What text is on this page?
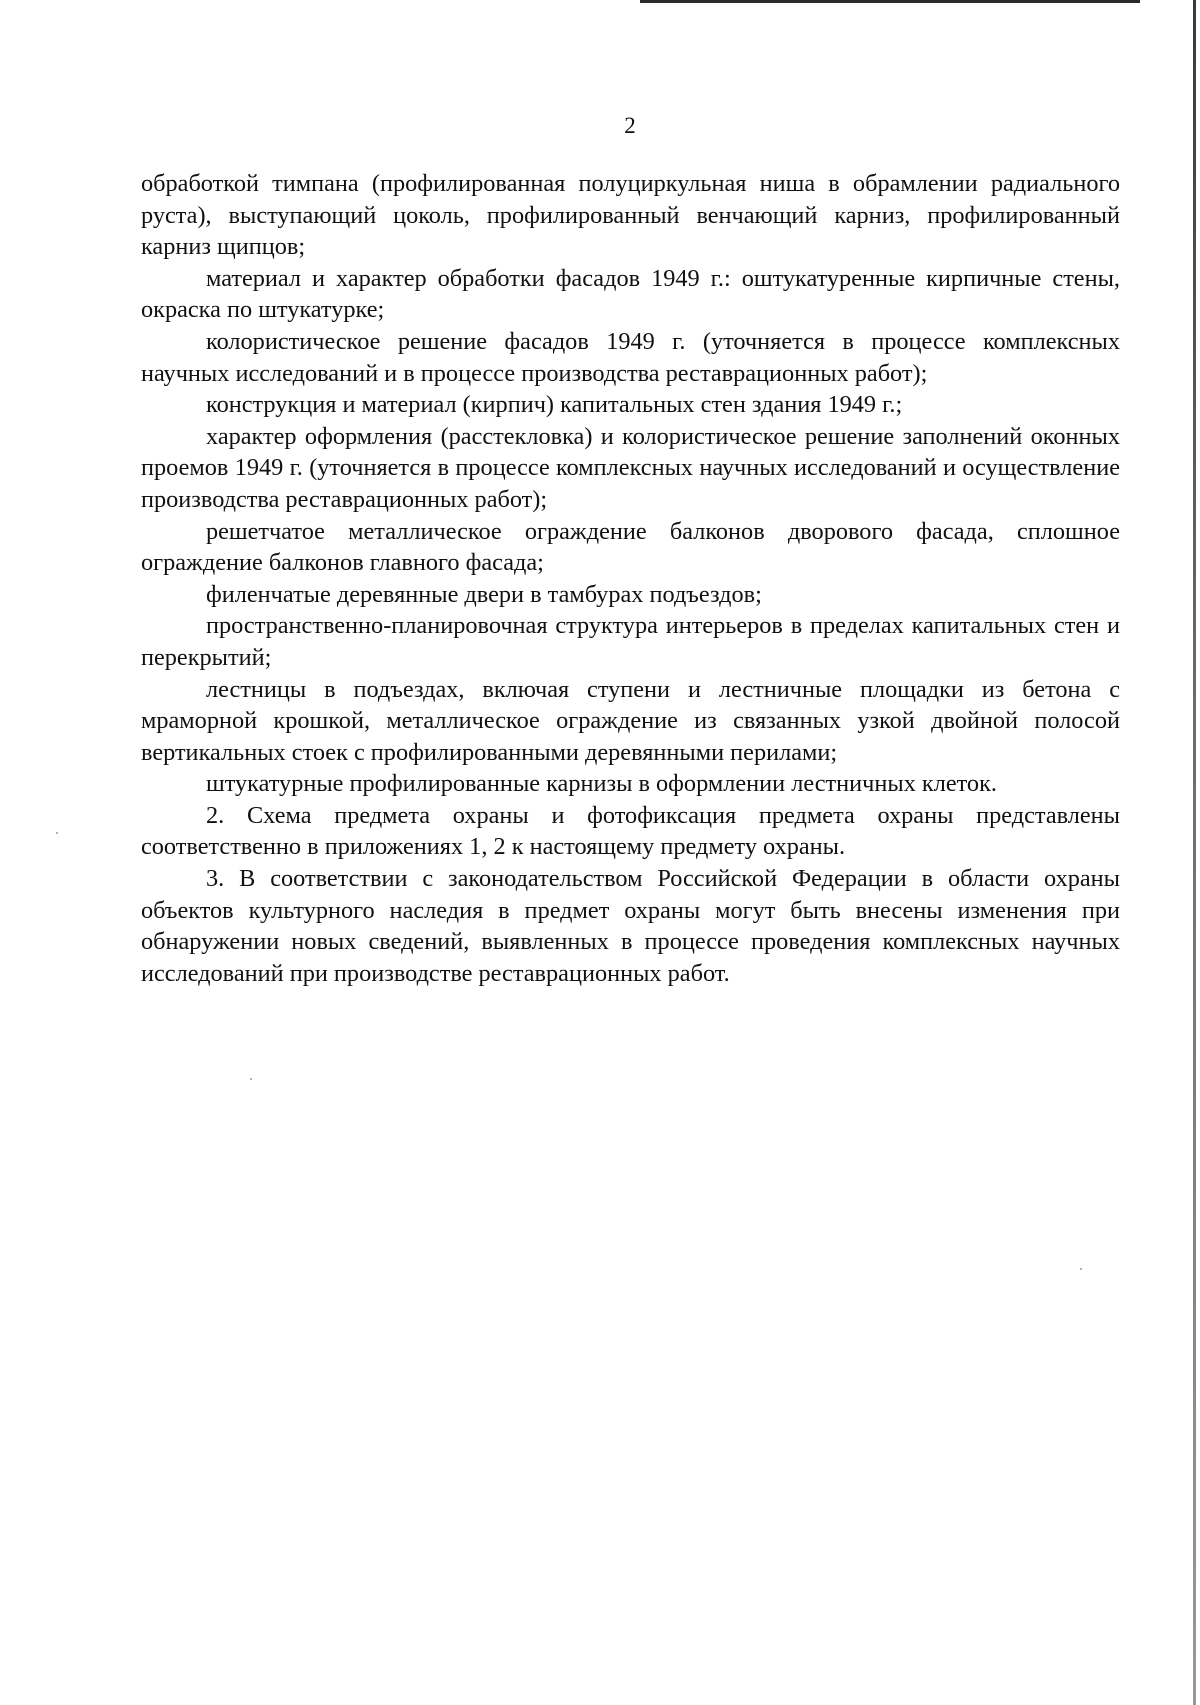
2

обработкой тимпана (профилированная полуциркульная ниша в обрамлении радиального руста), выступающий цоколь, профилированный венчающий карниз, профилированный карниз щипцов;

материал и характер обработки фасадов 1949 г.: оштукатуренные кирпичные стены, окраска по штукатурке;

колористическое решение фасадов 1949 г. (уточняется в процессе комплексных научных исследований и в процессе производства реставрационных работ);

конструкция и материал (кирпич) капитальных стен здания 1949 г.;

характер оформления (расстекловка) и колористическое решение заполнений оконных проемов 1949 г. (уточняется в процессе комплексных научных исследований и осуществление производства реставрационных работ);

решетчатое металлическое ограждение балконов дворового фасада, сплошное ограждение балконов главного фасада;

филенчатые деревянные двери в тамбурах подъездов;

пространственно-планировочная структура интерьеров в пределах капитальных стен и перекрытий;

лестницы в подъездах, включая ступени и лестничные площадки из бетона с мраморной крошкой, металлическое ограждение из связанных узкой двойной полосой вертикальных стоек с профилированными деревянными перилами;

штукатурные профилированные карнизы в оформлении лестничных клеток.

2. Схема предмета охраны и фотофиксация предмета охраны представлены соответственно в приложениях 1, 2 к настоящему предмету охраны.

3. В соответствии с законодательством Российской Федерации в области охраны объектов культурного наследия в предмет охраны могут быть внесены изменения при обнаружении новых сведений, выявленных в процессе проведения комплексных научных исследований при производстве реставрационных работ.
